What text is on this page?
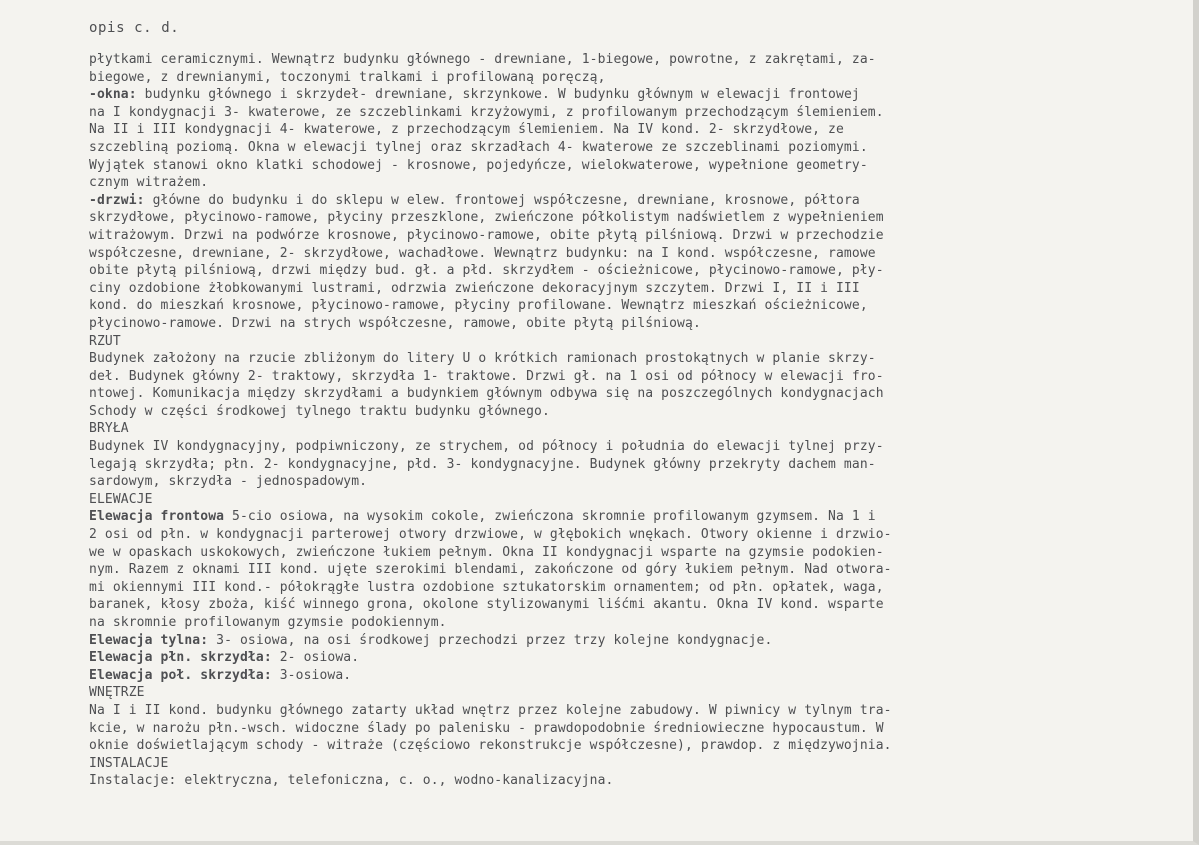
opis c. d.
płytkami ceramicznymi. Wewnątrz budynku głównego - drewniane, 1-biegowe, powrotne, z zakrętami, za-
biegowe, z drewnianymi, toczonymi tralkami i profilowaną poręczą,
-okna: budynku głównego i skrzydeł- drewniane, skrzynkowe. W budynku głównym w elewacji frontowej
na I kondygnacji 3- kwaterowe, ze szczeblinkami krzyżowymi, z profilowanym przechodzącym ślemieniem.
Na II i III kondygnacji 4- kwaterowe, z przechodzącym ślemieniem. Na IV kond. 2- skrzydłowe, ze
szczebliną poziomą. Okna w elewacji tylnej oraz skrzadłach 4- kwaterowe ze szczeblinami poziomymi.
Wyjątek stanowi okno klatki schodowej - krosnowe, pojedyńcze, wielokwaterowe, wypełnione geometry-
cznym witrażem.
-drzwi: główne do budynku i do sklepu w elew. frontowej współczesne, drewniane, krosnowe, półtora
skrzydłowe, płycinowo-ramowe, płyciny przeszklone, zwieńczone półkolistym nadświetlem z wypełnieniem
witrażowym. Drzwi na podwórze krosnowe, płycinowo-ramowe, obite płytą pilśniową. Drzwi w przechodzie
współczesne, drewniane, 2- skrzydłowe, wachadłowe. Wewnątrz budynku: na I kond. współczesne, ramowe
obite płytą pilśniową, drzwi między bud. gł. a płd. skrzydłem - ościeżnicowe, płycinowo-ramowe, pły-
ciny ozdobione żłobkowanymi lustrami, odrzwia zwieńczone dekoracyjnym szczytem. Drzwi I, II i III
kond. do mieszkań krosnowe, płycinowo-ramowe, płyciny profilowane. Wewnątrz mieszkań ościeżnicowe,
płycinowo-ramowe. Drzwi na strych współczesne, ramowe, obite płytą pilśniową.
RZUT
Budynek założony na rzucie zbliżonym do litery U o krótkich ramionach prostokątnych w planie skrzy-
deł. Budynek główny 2- traktowy, skrzydła 1- traktowe. Drzwi gł. na 1 osi od północy w elewacji fro-
ntowej. Komunikacja między skrzydłami a budynkiem głównym odbywa się na poszczególnych kondygnacjach
Schody w części środkowej tylnego traktu budynku głównego.
BRYŁA
Budynek IV kondygnacyjny, podpiwniczony, ze strychem, od północy i południa do elewacji tylnej przy-
legają skrzydła; płn. 2- kondygnacyjne, płd. 3- kondygnacyjne. Budynek główny przekryty dachem man-
sardowym, skrzydła - jednospadowym.
ELEWACJE
Elewacja frontowa 5-cio osiowa, na wysokim cokole, zwieńczona skromnie profilowanym gzymsem. Na 1 i
2 osi od płn. w kondygnacji parterowej otwory drzwiowe, w głębokich wnękach. Otwory okienne i drzwio-
we w opaskach uskokowych, zwieńczone łukiem pełnym. Okna II kondygnacji wsparte na gzymsie podokien-
nym. Razem z oknami III kond. ujęte szerokimi blendami, zakończone od góry łukiem pełnym. Nad otwora-
mi okiennymi III kond.- półokrągłe lustra ozdobione sztukatorskim ornamentem; od płn. opłatek, waga,
baranek, kłosy zboża, kiść winnego grona, okolone stylizowanymi liśćmi akantu. Okna IV kond. wsparte
na skromnie profilowanym gzymsie podokiennym.
Elewacja tylna: 3- osiowa, na osi środkowej przechodzi przez trzy kolejne kondygnacje.
Elewacja płn. skrzydła: 2- osiowa.
Elewacja poł. skrzydła: 3-osiowa.
WNĘTRZE
Na I i II kond. budynku głównego zatarty układ wnętrz przez kolejne zabudowy. W piwnicy w tylnym tra-
kcie, w narożu płn.-wsch. widoczne ślady po palenisku - prawdopodobnie średniowieczne hypocaustum. W
oknie doświetlającym schody - witraże (częściowo rekonstrukcje współczesne), prawdop. z międzywojnia.
INSTALACJE
Instalacje: elektryczna, telefoniczna, c. o., wodno-kanalizacyjna.
